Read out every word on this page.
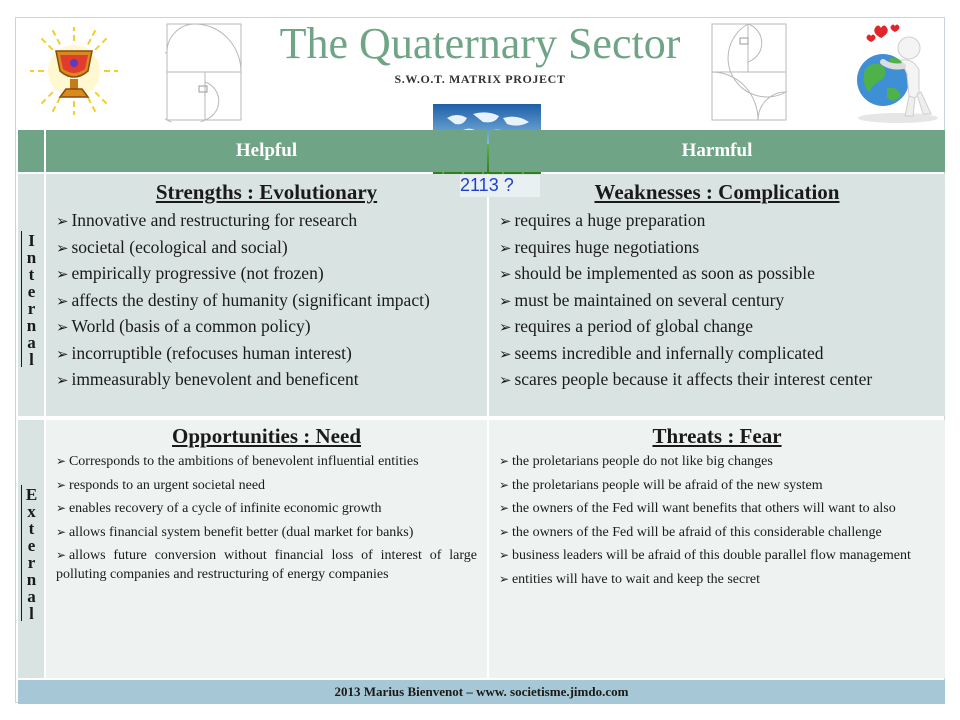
The Quaternary Sector
S.W.O.T. MATRIX PROJECT
Helpful	Harmful
Internal
External
Strengths : Evolutionary
➢ Innovative and restructuring for research
➢ societal (ecological and social)
➢ empirically progressive (not frozen)
➢ affects the destiny of humanity (significant impact)
➢ World (basis of a common policy)
➢ incorruptible (refocuses human interest)
➢ immeasurably benevolent and beneficent
Weaknesses : Complication
➢ requires a huge preparation
➢ requires huge negotiations
➢ should be implemented as soon as possible
➢ must be maintained on several century
➢ requires a period of global change
➢ seems incredible and infernally complicated
➢ scares people because it affects their interest center
Opportunities : Need
➢ Corresponds to the ambitions of benevolent influential entities
➢ responds to an urgent societal need
➢ enables recovery of a cycle of infinite economic growth
➢ allows financial system benefit better (dual market for banks)
➢ allows future conversion without financial loss of interest of large polluting companies and restructuring of energy companies
Threats : Fear
➢ the proletarians people do not like big changes
➢ the proletarians people will be afraid of the new system
➢ the owners of the Fed will want benefits that others will want to also
➢ the owners of the Fed will be afraid of this considerable challenge
➢ business leaders will be afraid of this double parallel flow management
➢ entities will have to wait and keep the secret
2113 ?
2013 Marius Bienvenot – www. societisme.jimdo.com
